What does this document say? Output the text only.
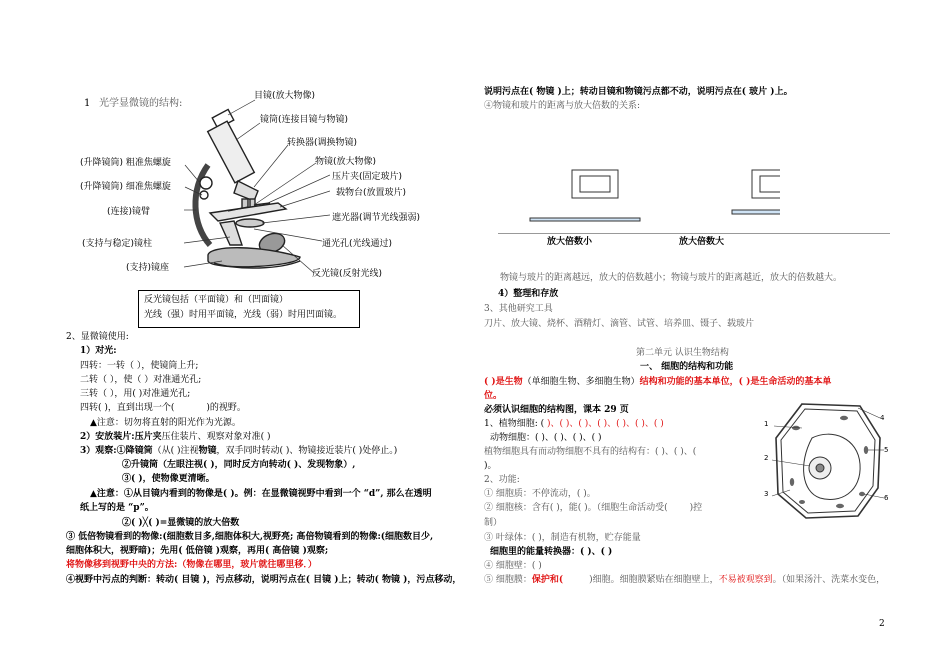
1 光学显微镜的结构:
目镜(放大物像)
镜筒(连接目镜与物镜)
转换器(调换物镜)
(升降镜筒) 粗准焦螺旋	物镜(放大物像)
压片夹(固定玻片)
(升降镜筒) 细准焦螺旋
载物台(放置玻片)
(连接)镜臂
遮光器(调节光线强弱)
(支持与稳定)镜柱	通光孔(光线通过)
(支持)镜座
反光镜(反射光线)
反光镜包括（平面镜）和（凹面镜）
光线（强）时用平面镜，光线（弱）时用凹面镜。
2、显微镜使用:
1）对光:
四转：一转（ ），使镜筒上升;
二转（ ），使（ ）对准通光孔;
三转（ ），用( )对准通光孔;
四转( )，直到出现一个(	)的视野。
▲注意：切勿将直射的阳光作为光源。
2）安放装片:压片夹压住装片、观察对象对准( )
3）观察:①降镜筒（从( )注视物镜，双手同时转动( )、物镜接近装片( )处停止。)
②升镜筒（左眼注视( )，同时反方向转动( )、发现物象）,
③( )，使物像更清晰。
▲注意：①从目镜内看到的物像是( )。例：在显微镜视野中看到一个 “d”, 那么在透明
纸上写的是 “p”。
②( )╳( )=显微镜的放大倍数
③ 低倍物镜看到的物像:(细胞数目多,细胞体积大,视野亮; 高倍物镜看到的物像:(细胞数目少,
细胞体积大，视野暗)；先用( 低倍镜 )观察，再用( 高倍镜 )观察;
将物像移到视野中央的方法:（物像在哪里，玻片就往哪里移．）
④视野中污点的判断：转动( 目镜 )，污点移动，说明污点在( 目镜 )上；转动( 物镜 )，污点移动，
说明污点在( 物镜 )上；转动目镜和物镜污点都不动，说明污点在( 玻片 )上。
④物镜和玻片的距离与放大倍数的关系:
放大倍数小	放大倍数大
物镜与玻片的距离越远，放大的倍数越小；物镜与玻片的距离越近，放大的倍数越大。
4）整理和存放
3、其他研究工具
刀片、放大镜、烧杯、酒精灯、滴管、试管、培养皿、镊子、载玻片
第二单元 认识生物结构
一、 细胞的结构和功能
( )是生物（单细胞生物、多细胞生物）结构和功能的基本单位，( )是生命活动的基本单
位。
必须认识细胞的结构图，课本 29 页
1、植物细胞: ( )、( )、( )、( )、( )、( )、( )
动物细胞：( )、( )、( )、( )
植物细胞具有而动物细胞不具有的结构有：( )、( )、(
)。
2、功能:
① 细胞质：不停流动，( )。
② 细胞核：含有( )，能( )。（细胞生命活动受( )控
制）
③ 叶绿体：( )，制造有机物，贮存能量
细胞里的能量转换器：( )、( )
④ 细胞壁：( )
⑤ 细胞膜：保护和(	)细胞。细胞膜紧贴在细胞壁上，不易被观察到。（如果汤汁、洗菜水变色，
1
2
3
4
5
6
2
